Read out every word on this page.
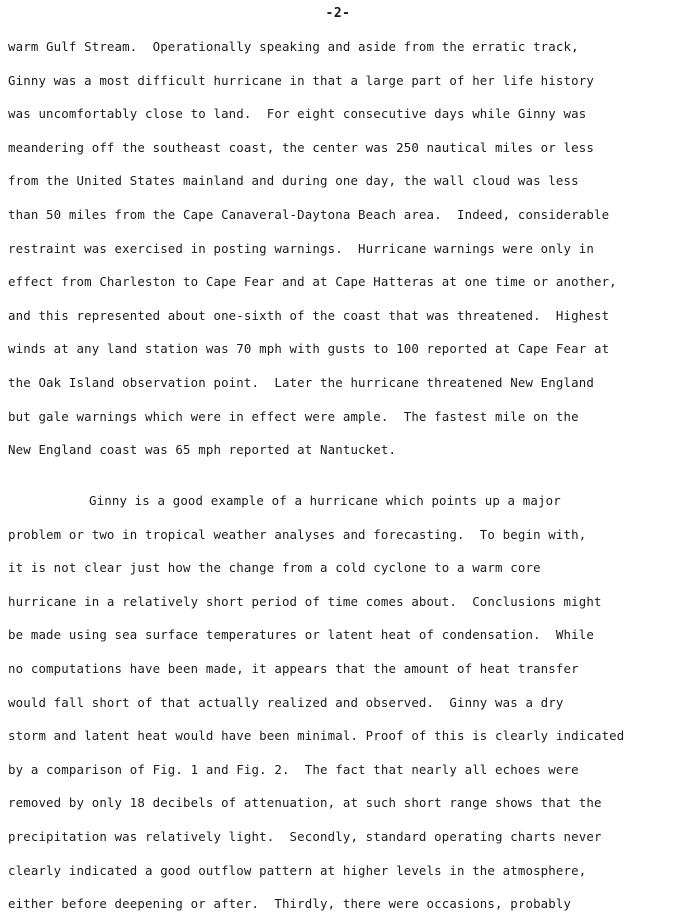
-2-
warm Gulf Stream.  Operationally speaking and aside from the erratic track,
Ginny was a most difficult hurricane in that a large part of her life history
was uncomfortably close to land.  For eight consecutive days while Ginny was
meandering off the southeast coast, the center was 250 nautical miles or less
from the United States mainland and during one day, the wall cloud was less
than 50 miles from the Cape Canaveral-Daytona Beach area.  Indeed, considerable
restraint was exercised in posting warnings.  Hurricane warnings were only in
effect from Charleston to Cape Fear and at Cape Hatteras at one time or another,
and this represented about one-sixth of the coast that was threatened.  Highest
winds at any land station was 70 mph with gusts to 100 reported at Cape Fear at
the Oak Island observation point.  Later the hurricane threatened New England
but gale warnings which were in effect were ample.  The fastest mile on the
New England coast was 65 mph reported at Nantucket.
Ginny is a good example of a hurricane which points up a major
problem or two in tropical weather analyses and forecasting.  To begin with,
it is not clear just how the change from a cold cyclone to a warm core
hurricane in a relatively short period of time comes about.  Conclusions might
be made using sea surface temperatures or latent heat of condensation.  While
no computations have been made, it appears that the amount of heat transfer
would fall short of that actually realized and observed.  Ginny was a dry
storm and latent heat would have been minimal. Proof of this is clearly indicated
by a comparison of Fig. 1 and Fig. 2.  The fact that nearly all echoes were
removed by only 18 decibels of attenuation, at such short range shows that the
precipitation was relatively light.  Secondly, standard operating charts never
clearly indicated a good outflow pattern at higher levels in the atmosphere,
either before deepening or after.  Thirdly, there were occasions, probably
